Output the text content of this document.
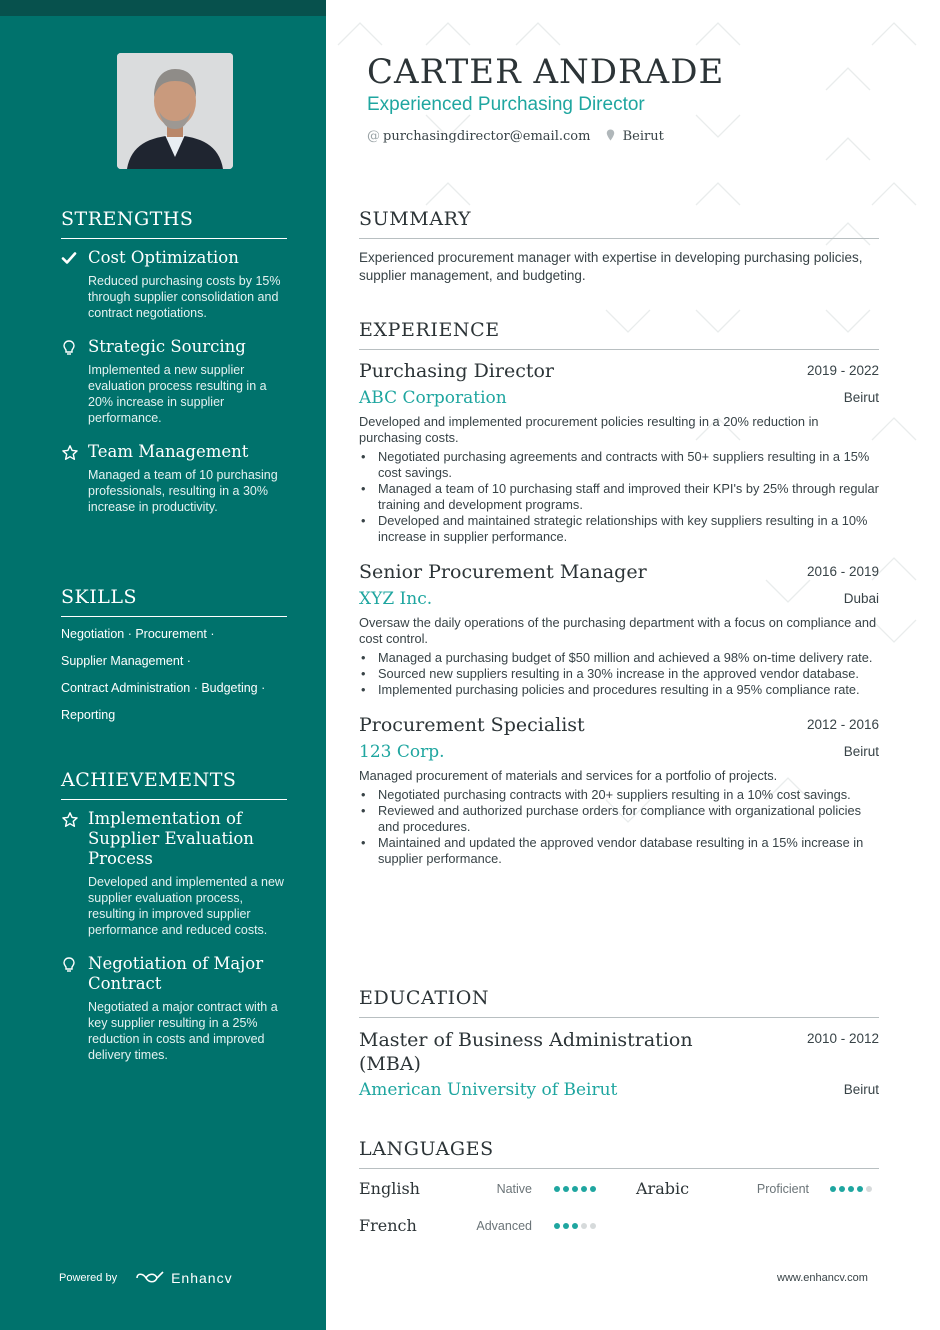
STRENGTHS
Cost Optimization
Reduced purchasing costs by 15% through supplier consolidation and contract negotiations.
Strategic Sourcing
Implemented a new supplier evaluation process resulting in a 20% increase in supplier performance.
Team Management
Managed a team of 10 purchasing professionals, resulting in a 30% increase in productivity.
SKILLS
Negotiation · Procurement ·
Supplier Management ·
Contract Administration · Budgeting ·
Reporting
ACHIEVEMENTS
Implementation of Supplier Evaluation Process
Developed and implemented a new supplier evaluation process, resulting in improved supplier performance and reduced costs.
Negotiation of Major Contract
Negotiated a major contract with a key supplier resulting in a 25% reduction in costs and improved delivery times.
Powered by	Enhancv
CARTER ANDRADE
Experienced Purchasing Director
@ purchasingdirector@email.com	Beirut
SUMMARY
Experienced procurement manager with expertise in developing purchasing policies, supplier management, and budgeting.
EXPERIENCE
Purchasing Director	2019 - 2022
ABC Corporation	Beirut
Developed and implemented procurement policies resulting in a 20% reduction in purchasing costs.
• Negotiated purchasing agreements and contracts with 50+ suppliers resulting in a 15% cost savings.
• Managed a team of 10 purchasing staff and improved their KPI's by 25% through regular training and development programs.
• Developed and maintained strategic relationships with key suppliers resulting in a 10% increase in supplier performance.
Senior Procurement Manager	2016 - 2019
XYZ Inc.	Dubai
Oversaw the daily operations of the purchasing department with a focus on compliance and cost control.
• Managed a purchasing budget of $50 million and achieved a 98% on-time delivery rate.
• Sourced new suppliers resulting in a 30% increase in the approved vendor database.
• Implemented purchasing policies and procedures resulting in a 95% compliance rate.
Procurement Specialist	2012 - 2016
123 Corp.	Beirut
Managed procurement of materials and services for a portfolio of projects.
• Negotiated purchasing contracts with 20+ suppliers resulting in a 10% cost savings.
• Reviewed and authorized purchase orders for compliance with organizational policies and procedures.
• Maintained and updated the approved vendor database resulting in a 15% increase in supplier performance.
EDUCATION
Master of Business Administration (MBA)
2010 - 2012
American University of Beirut	Beirut
LANGUAGES
English	Native	Arabic	Proficient
French	Advanced
www.enhancv.com
